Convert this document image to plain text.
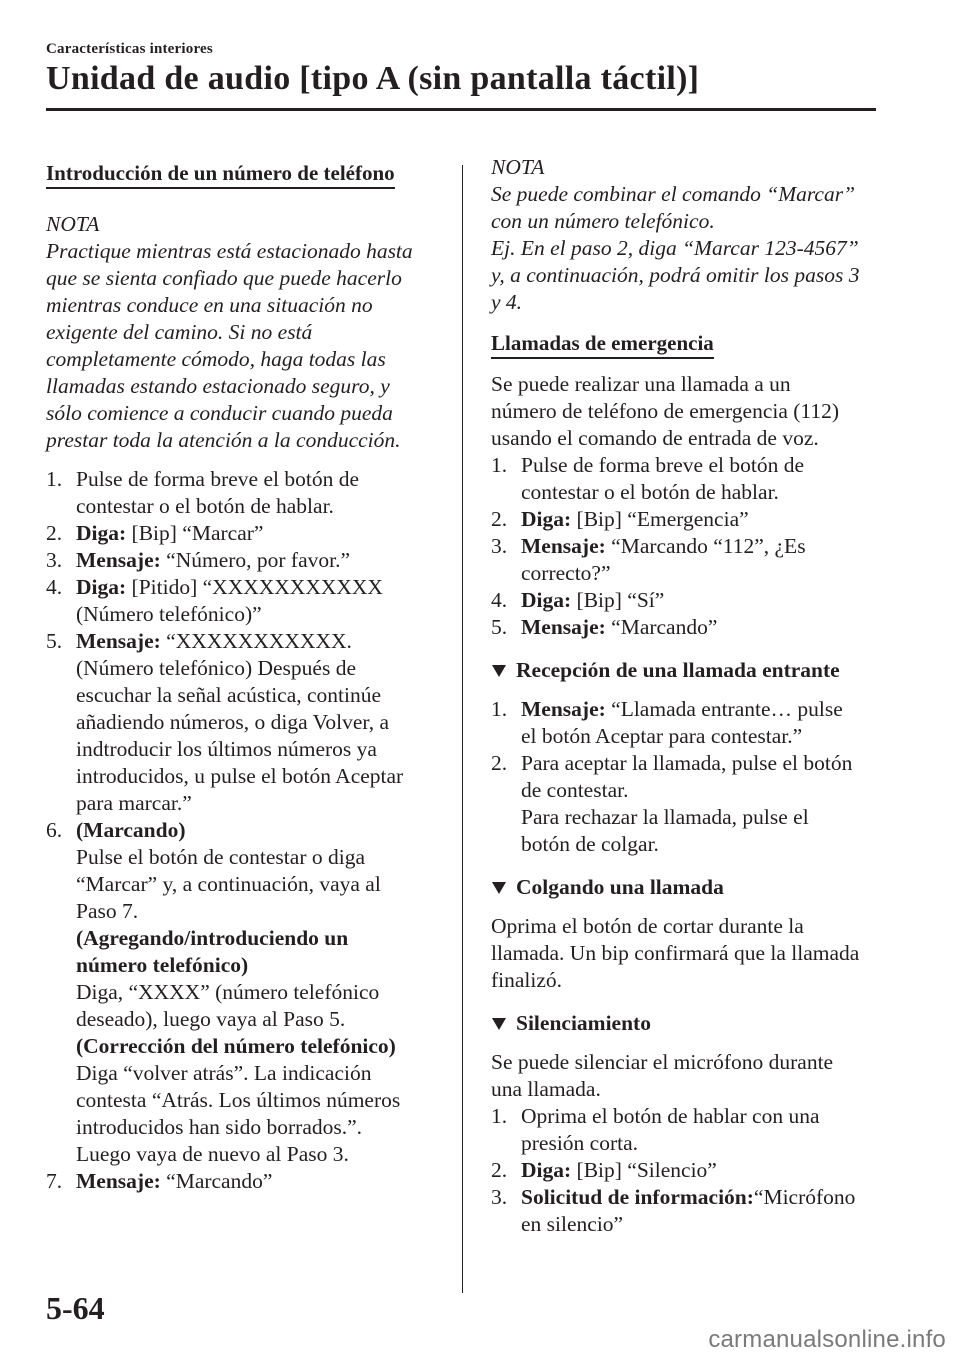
Características interiores
Unidad de audio [tipo A (sin pantalla táctil)]
Introducción de un número de teléfono
NOTA
Practique mientras está estacionado hasta
que se sienta confiado que puede hacerlo
mientras conduce en una situación no
exigente del camino. Si no está
completamente cómodo, haga todas las
llamadas estando estacionado seguro, y
sólo comience a conducir cuando pueda
prestar toda la atención a la conducción.
1. Pulse de forma breve el botón de
contestar o el botón de hablar.
2. Diga: [Bip] “Marcar”
3. Mensaje: “Número, por favor.”
4. Diga: [Pitido] “XXXXXXXXXXX
(Número telefónico)”
5. Mensaje: “XXXXXXXXXXX.
(Número telefónico) Después de
escuchar la señal acústica, continúe
añadiendo números, o diga Volver, a
indtroducir los últimos números ya
introducidos, u pulse el botón Aceptar
para marcar.”
6. (Marcando)
Pulse el botón de contestar o diga
“Marcar” y, a continuación, vaya al
Paso 7.
(Agregando/introduciendo un
número telefónico)
Diga, “XXXX” (número telefónico
deseado), luego vaya al Paso 5.
(Corrección del número telefónico)
Diga “volver atrás”. La indicación
contesta “Atrás. Los últimos números
introducidos han sido borrados.”.
Luego vaya de nuevo al Paso 3.
7. Mensaje: “Marcando”
NOTA
Se puede combinar el comando “Marcar”
con un número telefónico.
Ej. En el paso 2, diga “Marcar 123-4567”
y, a continuación, podrá omitir los pasos 3
y 4.
Llamadas de emergencia
Se puede realizar una llamada a un
número de teléfono de emergencia (112)
usando el comando de entrada de voz.
1. Pulse de forma breve el botón de
contestar o el botón de hablar.
2. Diga: [Bip] “Emergencia”
3. Mensaje: “Marcando “112”, ¿Es
correcto?”
4. Diga: [Bip] “Sí”
5. Mensaje: “Marcando”
Recepción de una llamada entrante
1. Mensaje: “Llamada entrante… pulse
el botón Aceptar para contestar.”
2. Para aceptar la llamada, pulse el botón
de contestar.
Para rechazar la llamada, pulse el
botón de colgar.
Colgando una llamada
Oprima el botón de cortar durante la
llamada. Un bip confirmará que la llamada
finalizó.
Silenciamiento
Se puede silenciar el micrófono durante
una llamada.
1. Oprima el botón de hablar con una
presión corta.
2. Diga: [Bip] “Silencio”
3. Solicitud de información:“Micrófono
en silencio”
5-64
carmanualsonline.info
